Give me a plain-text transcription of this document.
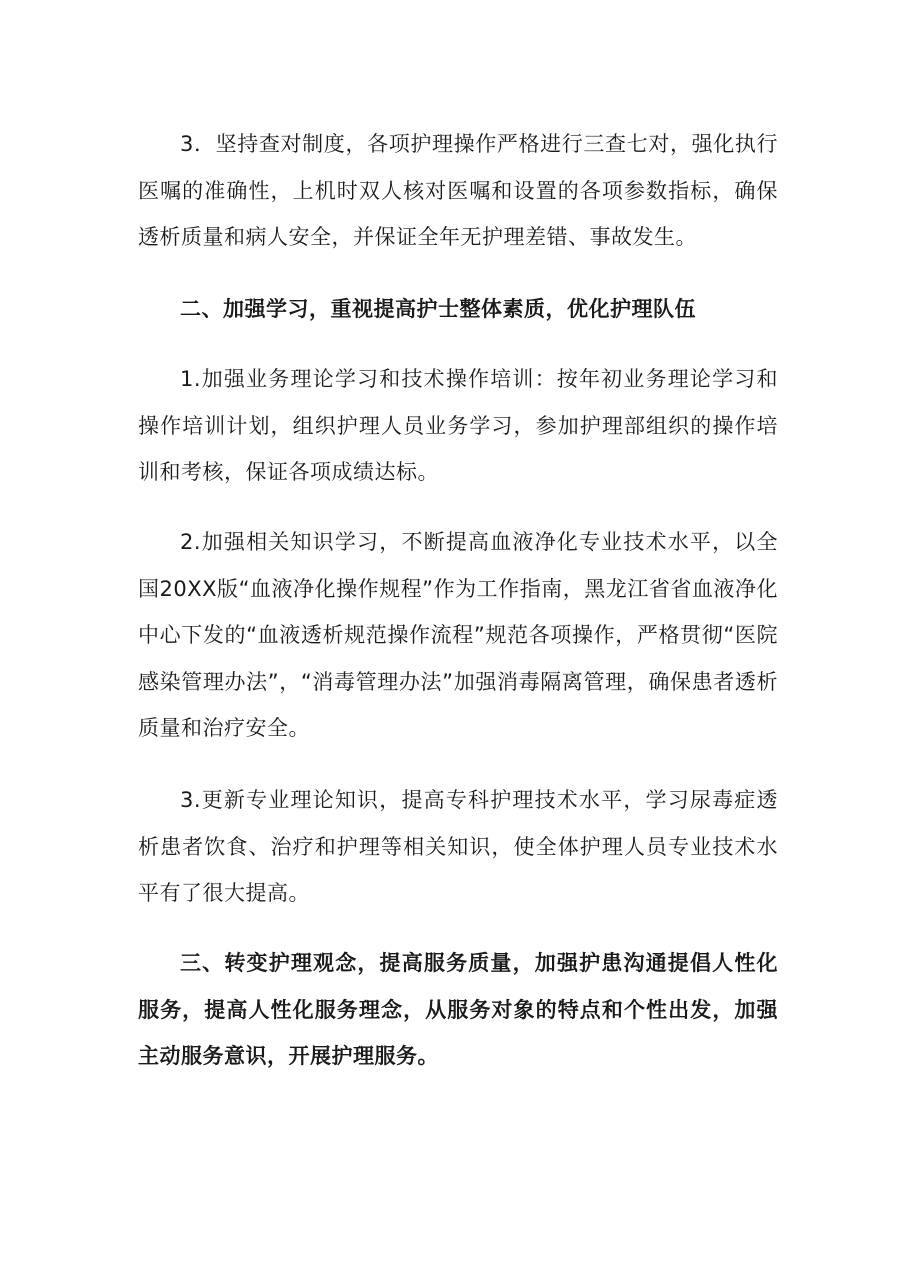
3．坚持查对制度，各项护理操作严格进行三查七对，强化执行医嘱的准确性，上机时双人核对医嘱和设置的各项参数指标，确保透析质量和病人安全，并保证全年无护理差错、事故发生。

二、加强学习，重视提高护士整体素质，优化护理队伍

1.加强业务理论学习和技术操作培训：按年初业务理论学习和操作培训计划，组织护理人员业务学习，参加护理部组织的操作培训和考核，保证各项成绩达标。

2.加强相关知识学习，不断提高血液净化专业技术水平，以全国20XX版“血液净化操作规程”作为工作指南，黑龙江省省血液净化中心下发的“血液透析规范操作流程”规范各项操作，严格贯彻“医院感染管理办法”，“消毒管理办法”加强消毒隔离管理，确保患者透析质量和治疗安全。

3.更新专业理论知识，提高专科护理技术水平，学习尿毒症透析患者饮食、治疗和护理等相关知识，使全体护理人员专业技术水平有了很大提高。

三、转变护理观念，提高服务质量，加强护患沟通提倡人性化服务，提高人性化服务理念，从服务对象的特点和个性出发，加强主动服务意识，开展护理服务。
